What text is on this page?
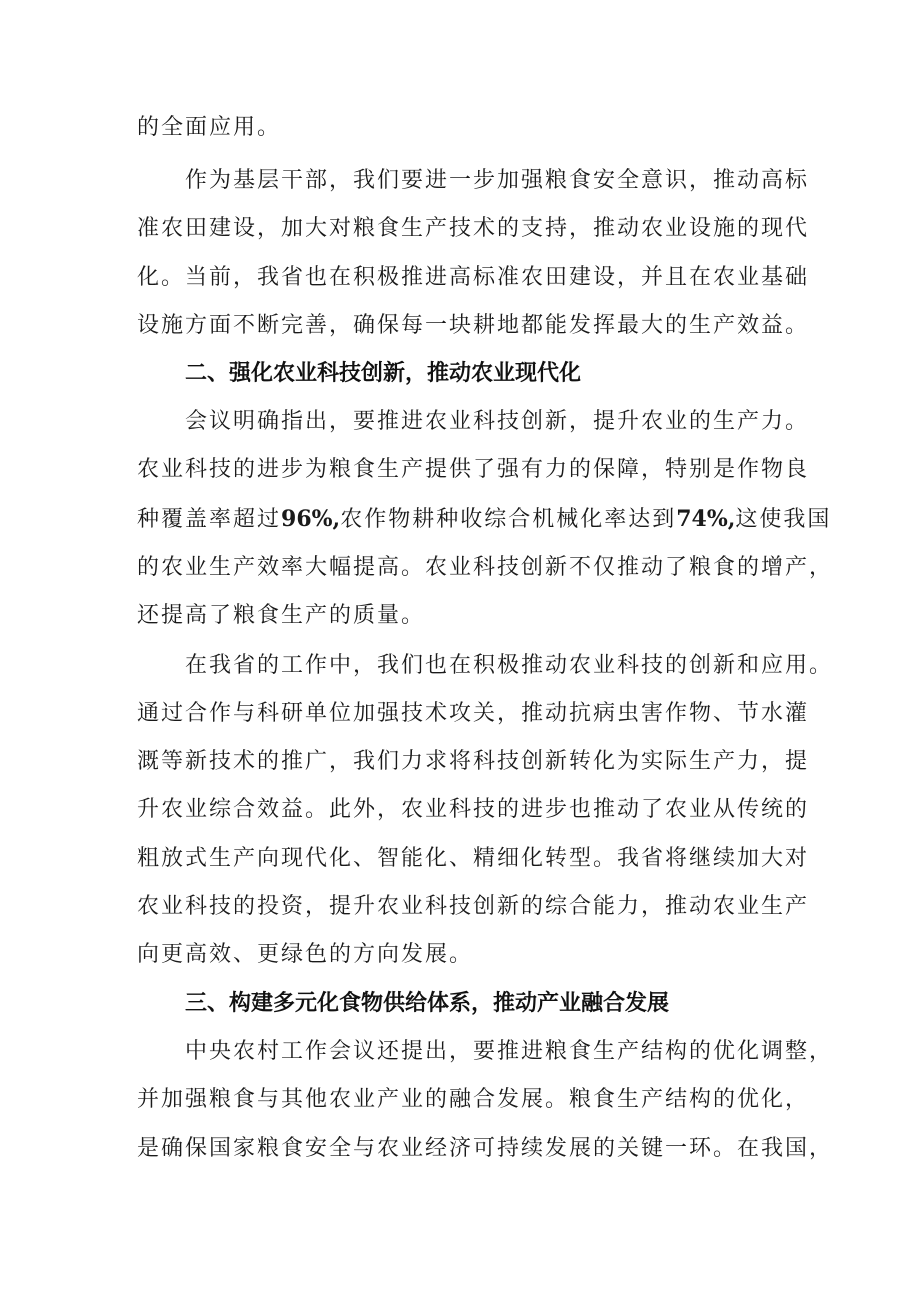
的全面应用。
作为基层干部，我们要进一步加强粮食安全意识，推动高标
准农田建设，加大对粮食生产技术的支持，推动农业设施的现代
化。当前，我省也在积极推进高标准农田建设，并且在农业基础
设施方面不断完善，确保每一块耕地都能发挥最大的生产效益。
二、强化农业科技创新，推动农业现代化
会议明确指出，要推进农业科技创新，提升农业的生产力。
农业科技的进步为粮食生产提供了强有力的保障，特别是作物良
种覆盖率超过96%,农作物耕种收综合机械化率达到74%,这使我国
的农业生产效率大幅提高。农业科技创新不仅推动了粮食的增产，
还提高了粮食生产的质量。
在我省的工作中，我们也在积极推动农业科技的创新和应用。
通过合作与科研单位加强技术攻关，推动抗病虫害作物、节水灌
溉等新技术的推广，我们力求将科技创新转化为实际生产力，提
升农业综合效益。此外，农业科技的进步也推动了农业从传统的
粗放式生产向现代化、智能化、精细化转型。我省将继续加大对
农业科技的投资，提升农业科技创新的综合能力，推动农业生产
向更高效、更绿色的方向发展。
三、构建多元化食物供给体系，推动产业融合发展
中央农村工作会议还提出，要推进粮食生产结构的优化调整，
并加强粮食与其他农业产业的融合发展。粮食生产结构的优化，
是确保国家粮食安全与农业经济可持续发展的关键一环。在我国，
